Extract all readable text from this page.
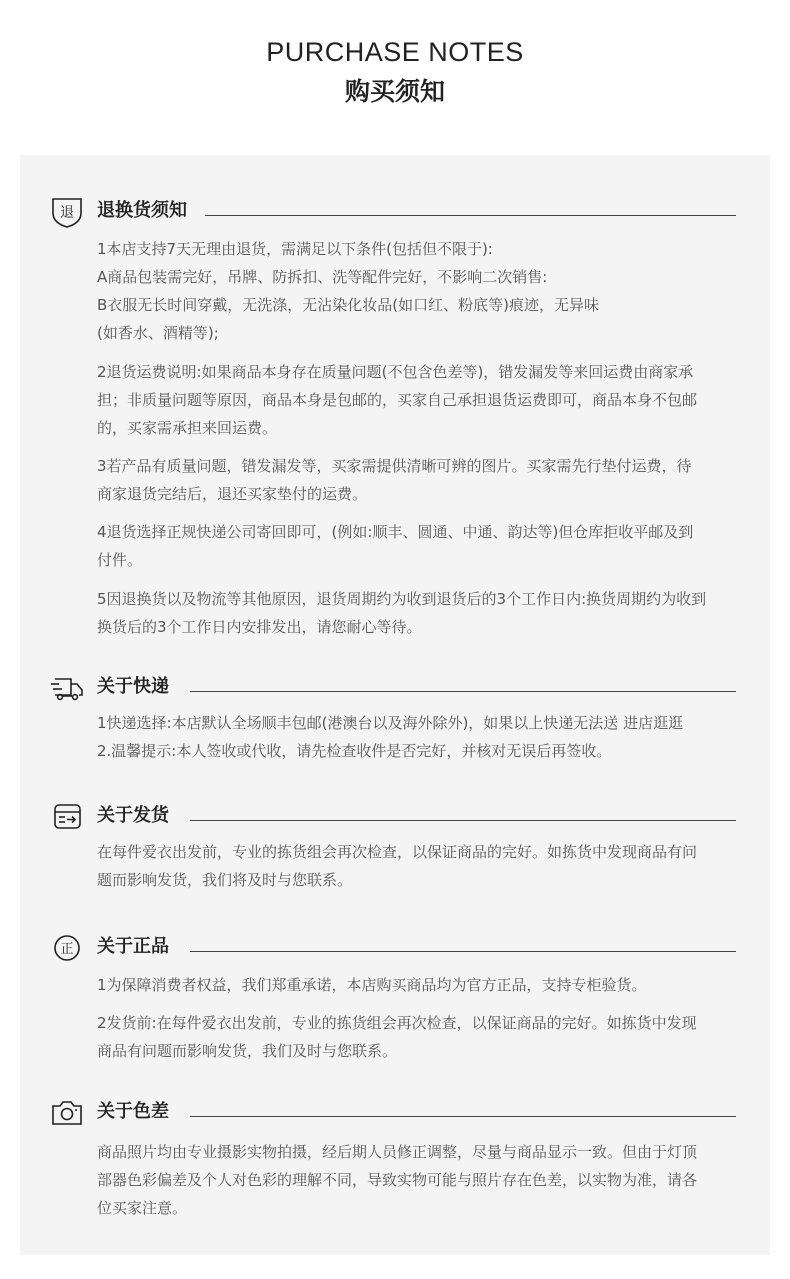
PURCHASE NOTES
购买须知
退 退换货须知

1本店支持7天无理由退货，需满足以下条件(包括但不限于):

A商品包装需完好，吊牌、防拆扣、洗等配件完好，不影响二次销售:

B衣服无长时间穿戴，无洗涤，无沾染化妆品(如口红、粉底等)痕迹，无异味

(如香水、酒精等);

2退货运费说明:如果商品本身存在质量问题(不包含色差等)，错发漏发等来回运费由商家承

担；非质量问题等原因，商品本身是包邮的，买家自己承担退货运费即可，商品本身不包邮

的，买家需承担来回运费。

3若产品有质量问题，错发漏发等，买家需提供清晰可辨的图片。买家需先行垫付运费，待

商家退货完结后，退还买家垫付的运费。

4退货选择正规快递公司寄回即可，(例如:顺丰、圆通、中通、韵达等)但仓库拒收平邮及到

付件。

5因退换货以及物流等其他原因，退货周期约为收到退货后的3个工作日内:换货周期约为收到

换货后的3个工作日内安排发出，请您耐心等待。

关于快递

1快递选择:本店默认全场顺丰包邮(港澳台以及海外除外)，如果以上快递无法送 进店逛逛

2.温馨提示:本人签收或代收，请先检查收件是否完好，并核对无误后再签收。

关于发货

在每件爱衣出发前，专业的拣货组会再次检查，以保证商品的完好。如拣货中发现商品有问

题而影响发货，我们将及时与您联系。

正 关于正品

1为保障消费者权益，我们郑重承诺，本店购买商品均为官方正品，支持专柜验货。

2发货前:在每件爱衣出发前，专业的拣货组会再次检查，以保证商品的完好。如拣货中发现

商品有问题而影响发货，我们及时与您联系。

关于色差

商品照片均由专业摄影实物拍摄，经后期人员修正调整，尽量与商品显示一致。但由于灯顶

部器色彩偏差及个人对色彩的理解不同，导致实物可能与照片存在色差，以实物为准，请各

位买家注意。
